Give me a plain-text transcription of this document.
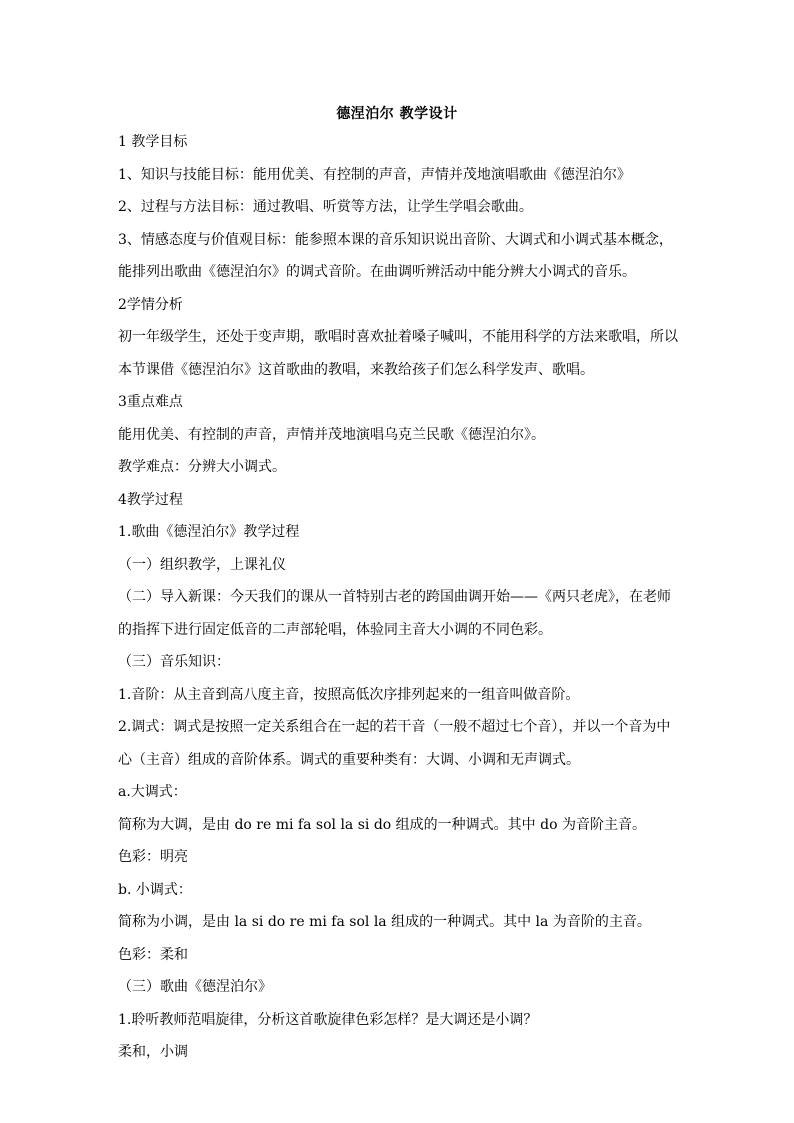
德涅泊尔 教学设计
1 教学目标
1、知识与技能目标：能用优美、有控制的声音，声情并茂地演唱歌曲《德涅泊尔》
2、过程与方法目标：通过教唱、听赏等方法，让学生学唱会歌曲。
3、情感态度与价值观目标：能参照本课的音乐知识说出音阶、大调式和小调式基本概念，
能排列出歌曲《德涅泊尔》的调式音阶。在曲调听辨活动中能分辨大小调式的音乐。
2学情分析
初一年级学生，还处于变声期，歌唱时喜欢扯着嗓子喊叫，不能用科学的方法来歌唱，所以
本节课借《德涅泊尔》这首歌曲的教唱，来教给孩子们怎么科学发声、歌唱。
3重点难点
能用优美、有控制的声音，声情并茂地演唱乌克兰民歌《德涅泊尔》。
教学难点：分辨大小调式。
4教学过程
1.歌曲《德涅泊尔》教学过程
（一）组织教学，上课礼仪
（二）导入新课：今天我们的课从一首特别古老的跨国曲调开始——《两只老虎》，在老师
的指挥下进行固定低音的二声部轮唱，体验同主音大小调的不同色彩。
（三）音乐知识：
1.音阶：从主音到高八度主音，按照高低次序排列起来的一组音叫做音阶。
2.调式：调式是按照一定关系组合在一起的若干音（一般不超过七个音），并以一个音为中
心（主音）组成的音阶体系。调式的重要种类有：大调、小调和无声调式。
a.大调式：
简称为大调，是由 do re mi fa sol la si do 组成的一种调式。其中 do 为音阶主音。
色彩：明亮
b. 小调式：
简称为小调，是由 la si do re mi fa sol la 组成的一种调式。其中 la 为音阶的主音。
色彩：柔和
（三）歌曲《德涅泊尔》
1.聆听教师范唱旋律，分析这首歌旋律色彩怎样？是大调还是小调？
柔和，小调
